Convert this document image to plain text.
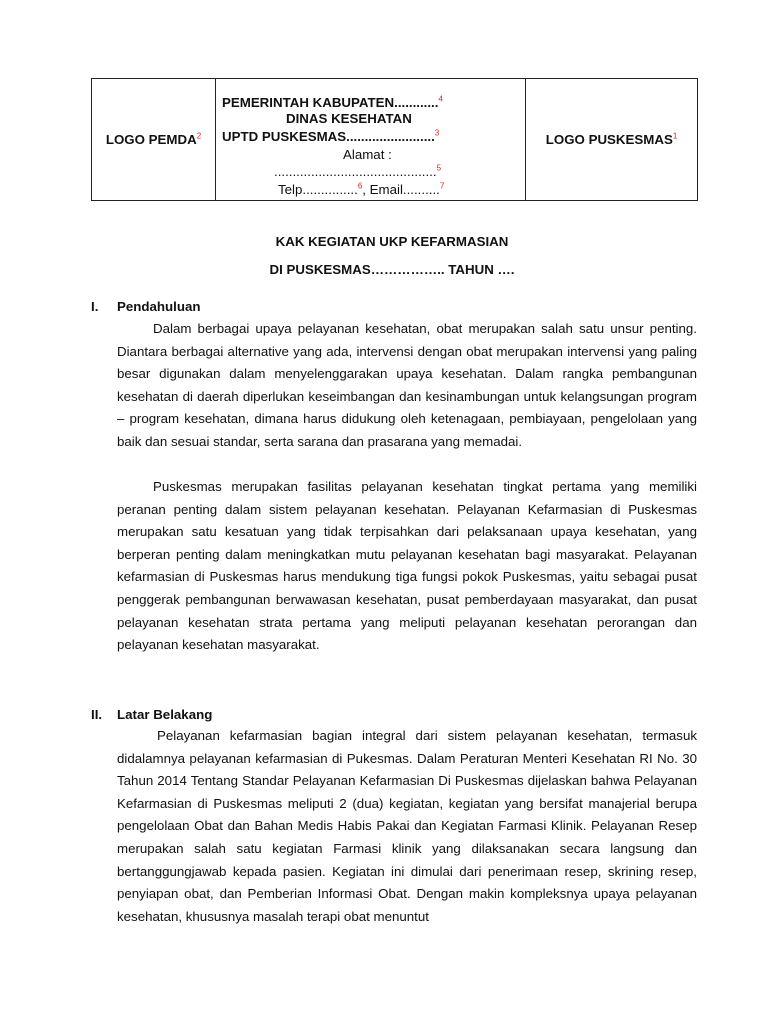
LOGO PEMDA$^2$
PEMERINTAH KABUPATEN............$^4$
DINAS KESEHATAN
UPTD PUSKESMAS........................$^3$
Alamat :
............................................$^5$
Telp...............$^6$, Email..........$^7$
LOGO PUSKESMAS$^1$
KAK KEGIATAN UKP KEFARMASIAN
DI PUSKESMAS…………….. TAHUN ….
I. Pendahuluan

Dalam berbagai upaya pelayanan kesehatan, obat merupakan salah satu unsur penting. Diantara berbagai alternative yang ada, intervensi dengan obat merupakan intervensi yang paling besar digunakan dalam menyelenggarakan upaya kesehatan. Dalam rangka pembangunan kesehatan di daerah diperlukan keseimbangan dan kesinambungan untuk kelangsungan program – program kesehatan, dimana harus didukung oleh ketenagaan, pembiayaan, pengelolaan yang baik dan sesuai standar, serta sarana dan prasarana yang memadai.

Puskesmas merupakan fasilitas pelayanan kesehatan tingkat pertama yang memiliki peranan penting dalam sistem pelayanan kesehatan. Pelayanan Kefarmasian di Puskesmas merupakan satu kesatuan yang tidak terpisahkan dari pelaksanaan upaya kesehatan, yang berperan penting dalam meningkatkan mutu pelayanan kesehatan bagi masyarakat. Pelayanan kefarmasian di Puskesmas harus mendukung tiga fungsi pokok Puskesmas, yaitu sebagai pusat penggerak pembangunan berwawasan kesehatan, pusat pemberdayaan masyarakat, dan pusat pelayanan kesehatan strata pertama yang meliputi pelayanan kesehatan perorangan dan pelayanan kesehatan masyarakat.

II. Latar Belakang

Pelayanan kefarmasian bagian integral dari sistem pelayanan kesehatan, termasuk didalamnya pelayanan kefarmasian di Pukesmas. Dalam Peraturan Menteri Kesehatan RI No. 30 Tahun 2014 Tentang Standar Pelayanan Kefarmasian Di Puskesmas dijelaskan bahwa Pelayanan Kefarmasian di Puskesmas meliputi 2 (dua) kegiatan, kegiatan yang bersifat manajerial berupa pengelolaan Obat dan Bahan Medis Habis Pakai dan Kegiatan Farmasi Klinik. Pelayanan Resep merupakan salah satu kegiatan Farmasi klinik yang dilaksanakan secara langsung dan bertanggungjawab kepada pasien. Kegiatan ini dimulai dari penerimaan resep, skrining resep, penyiapan obat, dan Pemberian Informasi Obat. Dengan makin kompleksnya upaya pelayanan kesehatan, khususnya masalah terapi obat menuntut
